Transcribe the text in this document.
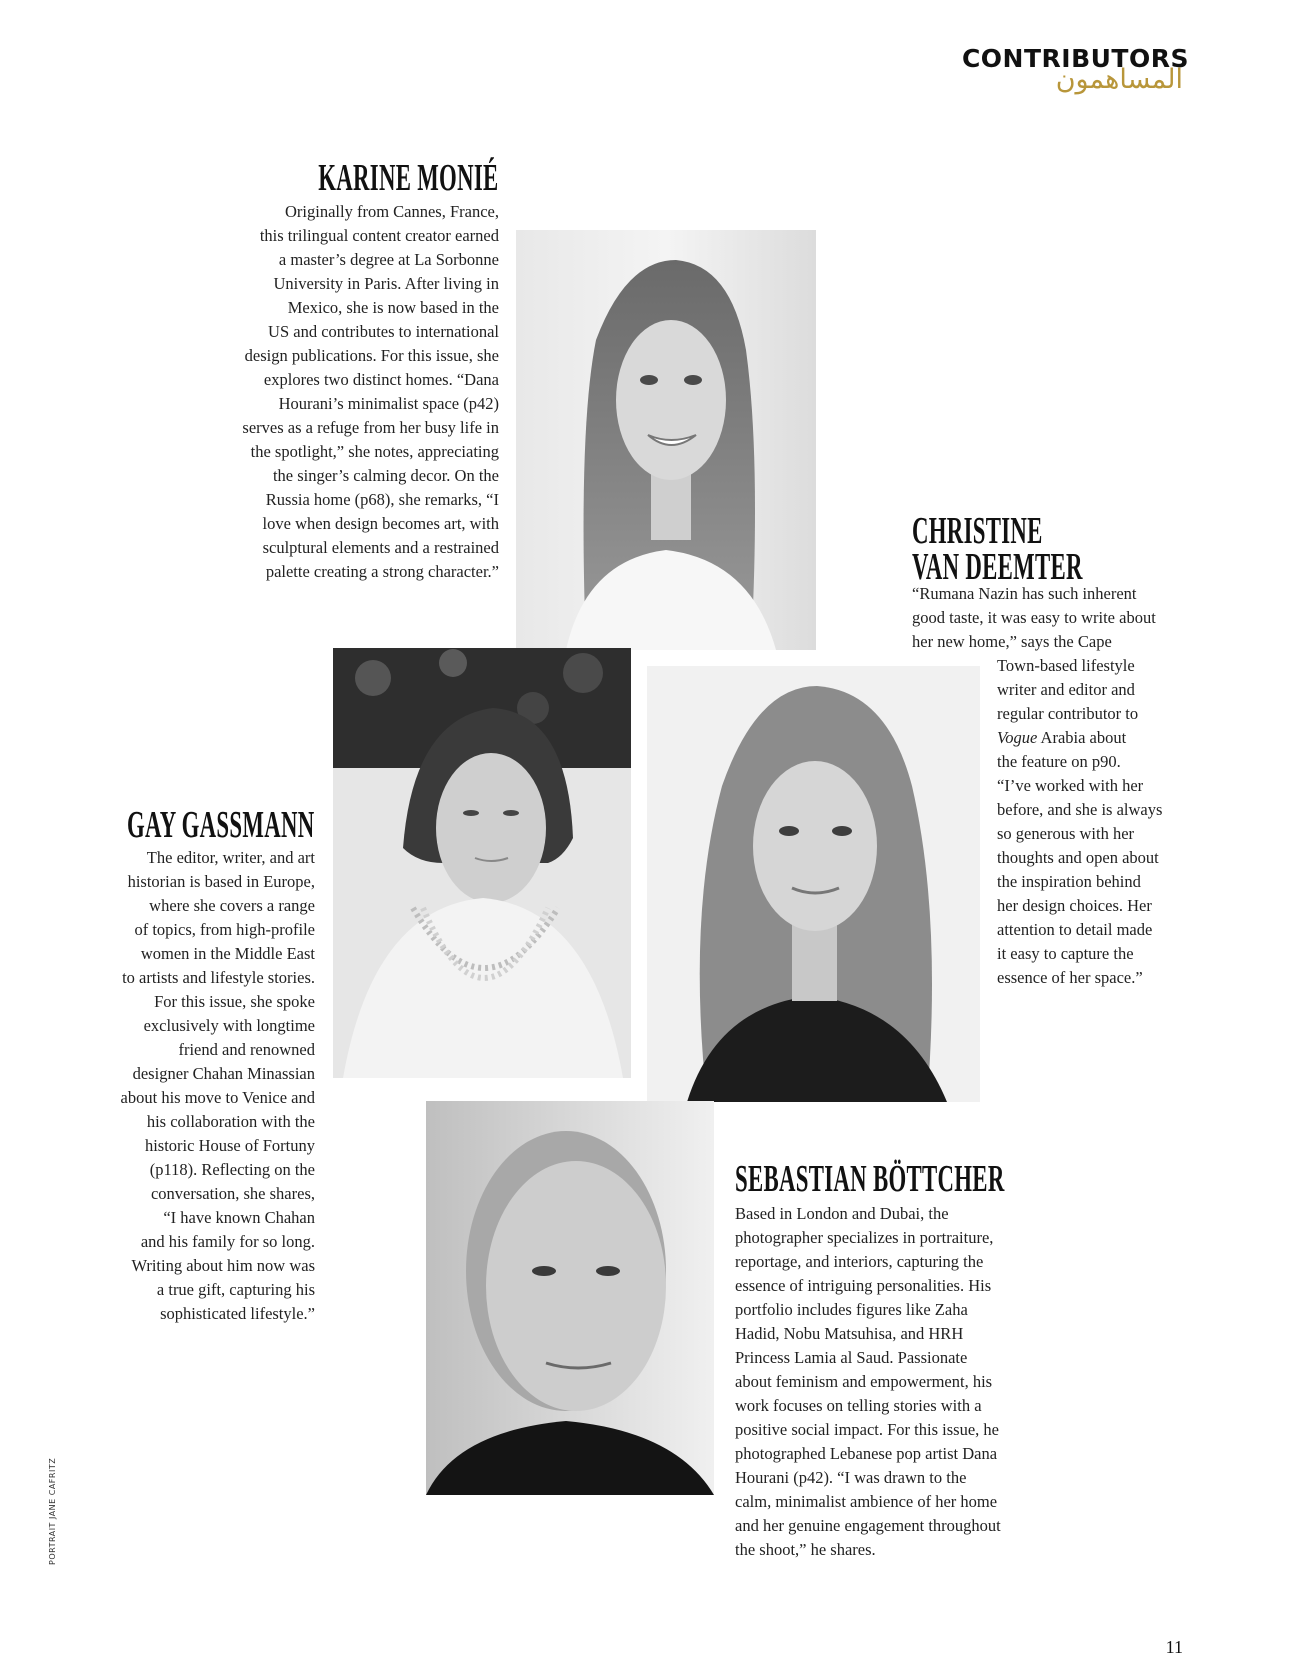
CONTRIBUTORS
المساهمون
KARINE MONIÉ

Originally from Cannes, France,

this trilingual content creator earned

a master’s degree at La Sorbonne

University in Paris. After living in

Mexico, she is now based in the

US and contributes to international

design publications. For this issue, she

explores two distinct homes. “Dana

Hourani’s minimalist space (p42)

serves as a refuge from her busy life in

the spotlight,” she notes, appreciating

the singer’s calming decor. On the

Russia home (p68), she remarks, “I

love when design becomes art, with

sculptural elements and a restrained

palette creating a strong character.”

CHRISTINE
VAN DEEMTER

“Rumana Nazin has such inherent

good taste, it was easy to write about

her new home,” says the Cape

Town-based lifestyle

writer and editor and

regular contributor to

Vogue Arabia about

the feature on p90.

“I’ve worked with her

before, and she is always

so generous with her

thoughts and open about

the inspiration behind

her design choices. Her

attention to detail made

it easy to capture the

essence of her space.”

GAY GASSMANN

The editor, writer, and art

historian is based in Europe,

where she covers a range

of topics, from high-profile

women in the Middle East

to artists and lifestyle stories.

For this issue, she spoke

exclusively with longtime

friend and renowned

designer Chahan Minassian

about his move to Venice and

his collaboration with the

historic House of Fortuny

(p118). Reflecting on the

conversation, she shares,

“I have known Chahan

and his family for so long.

Writing about him now was

a true gift, capturing his

sophisticated lifestyle.”

SEBASTIAN BÖTTCHER

Based in London and Dubai, the

photographer specializes in portraiture,

reportage, and interiors, capturing the

essence of intriguing personalities. His

portfolio includes figures like Zaha

Hadid, Nobu Matsuhisa, and HRH

Princess Lamia al Saud. Passionate

about feminism and empowerment, his

work focuses on telling stories with a

positive social impact. For this issue, he

photographed Lebanese pop artist Dana

Hourani (p42). “I was drawn to the

calm, minimalist ambience of her home

and her genuine engagement throughout

the shoot,” he shares.

PORTRAIT JANE CAFRITZ
11
